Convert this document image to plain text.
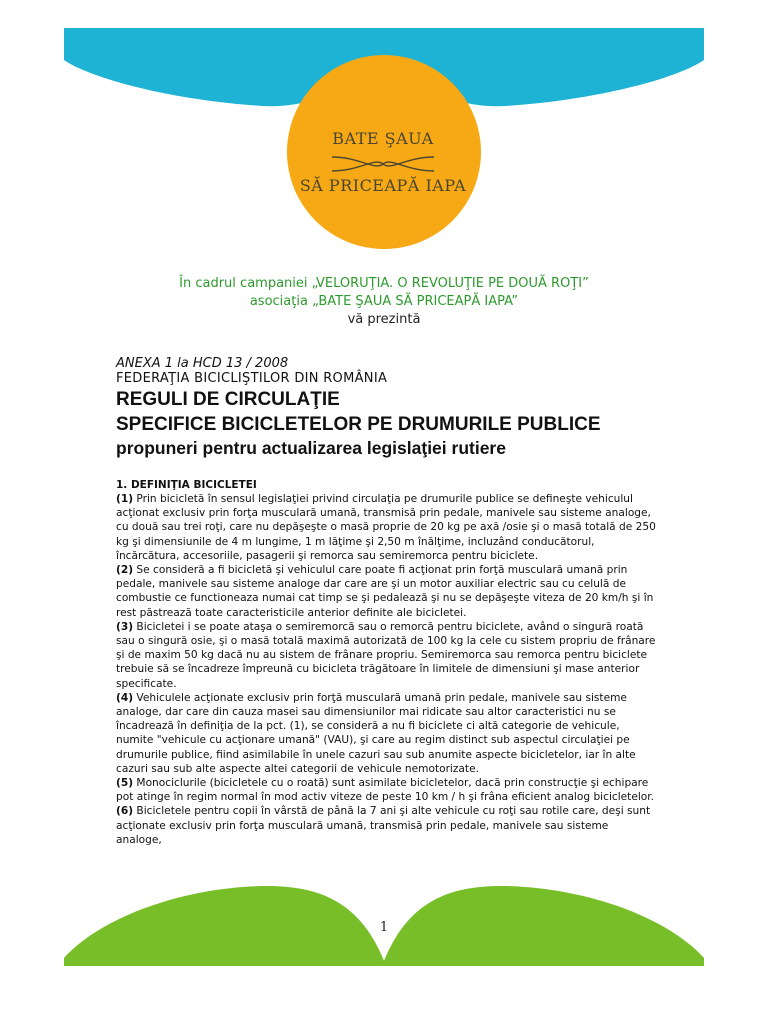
BATE ŞAUA
SĂ PRICEAPĂ IAPA
În cadrul campaniei „VELORUŢIA. O REVOLUŢIE PE DOUĂ ROŢI”
asociaţia „BATE ŞAUA SĂ PRICEAPĂ IAPA”
vă prezintă

ANEXA 1 la HCD 13 / 2008

FEDERAŢIA BICICLIŞTILOR DIN ROMÂNIA

REGULI DE CIRCULAŢIE

SPECIFICE BICICLETELOR PE DRUMURILE PUBLICE

propuneri pentru actualizarea legislaţiei rutiere

1. DEFINIŢIA BICICLETEI

(1) Prin bicicletă în sensul legislaţiei privind circulaţia pe drumurile publice se defineşte vehiculul acţionat exclusiv prin forţa musculară umană, transmisă prin pedale, manivele sau sisteme analoge, cu două sau trei roţi, care nu depăşeşte o masă proprie de 20 kg pe axă /osie şi o masă totală de 250 kg şi dimensiunile de 4 m lungime, 1 m lăţime şi 2,50 m înălţime, incluzând conducătorul, încărcătura, accesoriile, pasagerii şi remorca sau semiremorca pentru biciclete.

(2) Se consideră a fi bicicletă şi vehiculul care poate fi acţionat prin forţă musculară umană prin pedale, manivele sau sisteme analoge dar care are şi un motor auxiliar electric sau cu celulă de combustie ce functioneaza numai cat timp se şi pedalează şi nu se depăşeşte viteza de 20 km/h şi în rest păstrează toate caracteristicile anterior definite ale bicicletei.

(3) Bicicletei i se poate ataşa o semiremorcă sau o remorcă pentru biciclete, având o singură roată sau o singură osie, şi o masă totală maximă autorizată de 100 kg la cele cu sistem propriu de frânare şi de maxim 50 kg dacă nu au sistem de frânare propriu. Semiremorca sau remorca pentru biciclete trebuie să se încadreze împreună cu bicicleta trăgătoare în limitele de dimensiuni şi mase anterior specificate.

(4) Vehiculele acţionate exclusiv prin forţă musculară umană prin pedale, manivele sau sisteme analoge, dar care din cauza masei sau dimensiunilor mai ridicate sau altor caracteristici nu se încadrează în definiţia de la pct. (1), se consideră a nu fi biciclete ci altă categorie de vehicule, numite "vehicule cu acţionare umană" (VAU), şi care au regim distinct sub aspectul circulaţiei pe drumurile publice, fiind asimilabile în unele cazuri sau sub anumite aspecte bicicletelor, iar în alte cazuri sau sub alte aspecte altei categorii de vehicule nemotorizate.

(5) Monociclurile (bicicletele cu o roată) sunt asimilate bicicletelor, dacă prin construcţie şi echipare pot atinge în regim normal în mod activ viteze de peste 10 km / h şi frâna eficient analog bicicletelor.

(6) Bicicletele pentru copii în vârstă de până la 7 ani şi alte vehicule cu roţi sau rotile care, deşi sunt acţionate exclusiv prin forţa musculară umană, transmisă prin pedale, manivele sau sisteme analoge,

1
